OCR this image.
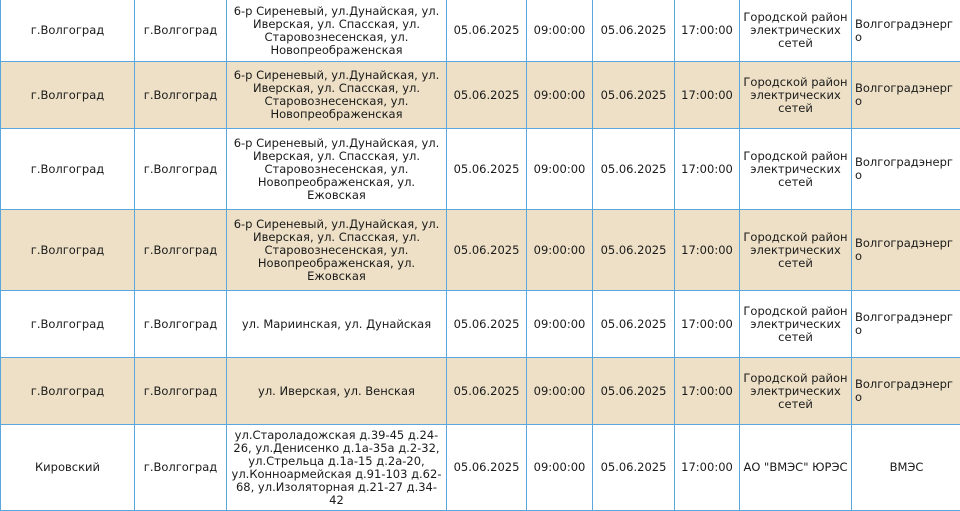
г.Волгоград	г.Волгоград	6-р Сиреневый, ул.Дунайская, ул. Иверская, ул. Спасская, ул. Старовознесенская, ул. Новопреображенская	05.06.2025	09:00:00	05.06.2025	17:00:00	Городской район электрических сетей	Волгоградэнерго
г.Волгоград	г.Волгоград	6-р Сиреневый, ул.Дунайская, ул. Иверская, ул. Спасская, ул. Старовознесенская, ул. Новопреображенская	05.06.2025	09:00:00	05.06.2025	17:00:00	Городской район электрических сетей	Волгоградэнерго
г.Волгоград	г.Волгоград	6-р Сиреневый, ул.Дунайская, ул. Иверская, ул. Спасская, ул. Старовознесенская, ул. Новопреображенская, ул. Ежовская	05.06.2025	09:00:00	05.06.2025	17:00:00	Городской район электрических сетей	Волгоградэнерго
г.Волгоград	г.Волгоград	6-р Сиреневый, ул.Дунайская, ул. Иверская, ул. Спасская, ул. Старовознесенская, ул. Новопреображенская, ул. Ежовская	05.06.2025	09:00:00	05.06.2025	17:00:00	Городской район электрических сетей	Волгоградэнерго
г.Волгоград	г.Волгоград	ул. Мариинская, ул. Дунайская	05.06.2025	09:00:00	05.06.2025	17:00:00	Городской район электрических сетей	Волгоградэнерго
г.Волгоград	г.Волгоград	ул. Иверская, ул. Венская	05.06.2025	09:00:00	05.06.2025	17:00:00	Городской район электрических сетей	Волгоградэнерго
Кировский	г.Волгоград	ул.Староладожская д.39-45 д.24-26, ул.Денисенко д.1а-35а д.2-32, ул.Стрельца д.1а-15 д.2а-20, ул.Конноармейская д.91-103 д.62-68, ул.Изоляторная д.21-27 д.34-42	05.06.2025	09:00:00	05.06.2025	17:00:00	АО "ВМЭС" ЮРЭС	ВМЭС
